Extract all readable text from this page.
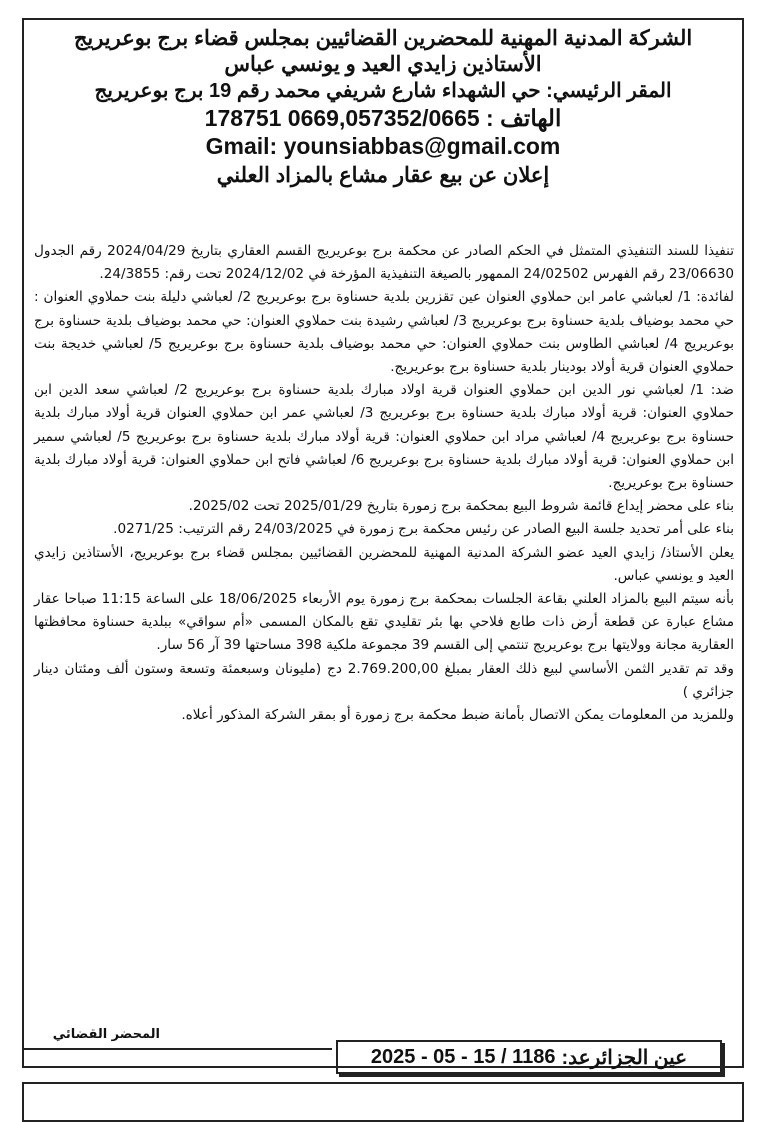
الشركة المدنية المهنية للمحضرين القضائيين بمجلس قضاء برج بوعريريج
الأستاذين زايدي العيد و يونسي عباس
المقر الرئيسي: حي الشهداء شارع شريفي محمد رقم 19 برج بوعريريج
الهاتف : 0669,057352/0665 178751
Gmail: younsiabbas@gmail.com
إعلان عن بيع عقار مشاع بالمزاد العلني

تنفيذا للسند التنفيذي المتمثل في الحكم الصادر عن محكمة برج بوعريريج القسم العقاري بتاريخ 2024/04/29 رقم الجدول 23/06630 رقم الفهرس 24/02502 الممهور بالصيغة التنفيذية المؤرخة في 2024/12/02 تحت رقم: 24/3855.

لفائدة: 1/ لعباشي عامر ابن حملاوي العنوان عين تقزرين بلدية حسناوة برج بوعريريج 2/ لعباشي دليلة بنت حملاوي العنوان : حي محمد بوضياف بلدية حسناوة برج بوعريريج 3/ لعباشي رشيدة بنت حملاوي العنوان: حي محمد بوضياف بلدية حسناوة برج بوعريريج 4/ لعباشي الطاوس بنت حملاوي العنوان: حي محمد بوضياف بلدية حسناوة برج بوعريريج 5/ لعباشي خديجة بنت حملاوي العنوان قرية أولاد بودينار بلدية حسناوة برج بوعريريج.

ضد: 1/ لعباشي نور الدين ابن حملاوي العنوان قرية اولاد مبارك بلدية حسناوة برج بوعريريج 2/ لعباشي سعد الدين ابن حملاوي العنوان: قرية أولاد مبارك بلدية حسناوة برج بوعريريج 3/ لعباشي عمر ابن حملاوي العنوان قرية أولاد مبارك بلدية حسناوة برج بوعريريج 4/ لعباشي مراد ابن حملاوي العنوان: قرية أولاد مبارك بلدية حسناوة برج بوعريريج 5/ لعباشي سمير ابن حملاوي العنوان: قرية أولاد مبارك بلدية حسناوة برج بوعريريج 6/ لعباشي فاتح ابن حملاوي العنوان: قرية أولاد مبارك بلدية حسناوة برج بوعريريج.

بناء على محضر إيداع قائمة شروط البيع بمحكمة برج زمورة بتاريخ 2025/01/29 تحت 2025/02.

بناء على أمر تحديد جلسة البيع الصادر عن رئيس محكمة برج زمورة في 24/03/2025 رقم الترتيب: 0271/25.

يعلن الأستاذ/ زايدي العيد عضو الشركة المدنية المهنية للمحضرين القضائيين بمجلس قضاء برج بوعريريج، الأستاذين زايدي العيد و يونسي عباس.

بأنه سيتم البيع بالمزاد العلني بقاعة الجلسات بمحكمة برج زمورة يوم الأربعاء 18/06/2025 على الساعة 11:15 صباحا عقار مشاع عبارة عن قطعة أرض ذات طابع فلاحي بها بئر تقليدي تقع بالمكان المسمى «أم سواقي» ببلدية حسناوة محافظتها العقارية مجانة وولايتها برج بوعريريج تنتمي إلى القسم 39 مجموعة ملكية 398 مساحتها 39 آر 56 سار.

وقد تم تقدير الثمن الأساسي لبيع ذلك العقار بمبلغ 2.769.200,00 دج (مليونان وسبعمئة وتسعة وستون ألف ومئتان دينار جزائري )

وللمزيد من المعلومات يمكن الاتصال بأمانة ضبط محكمة برج زمورة أو بمقر الشركة المذكور أعلاه.

المحضر القضائي
عين الجزائرعد:
2025 - 05 - 15 / 1186
